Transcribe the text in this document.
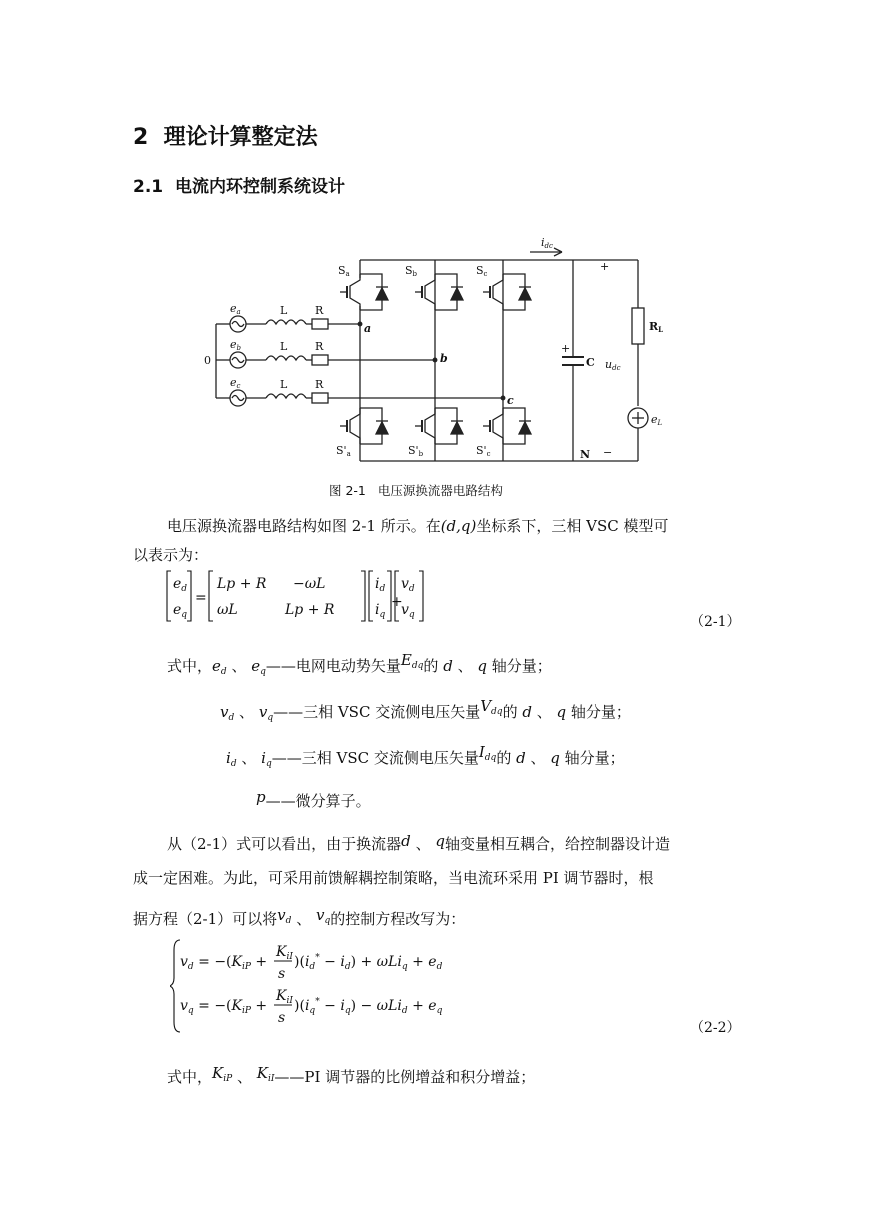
2 理论计算整定法
2.1 电流内环控制系统设计
idc
+
−
Sa	Sb	Sc
S'a	S'b	S'c
ea
eb
ec
L
L
L
R
R
R
0
a
b
c
C
+
udc
RL
eL
N
图 2-1 电压源换流器电路结构
电压源换流器电路结构如图 2-1 所示。在(d,q)坐标系下，三相 VSC 模型可
以表示为：
$e_d$
$e_q$
=
Lp + R −ωL
ωL	Lp + R
$i_d$
$i_q$
$v_d$
$v_q$
+
（2-1）
式中，$e_d$ 、 $e_q——$电网电动势矢量$E_{dq}$的 d 、 q 轴分量；
$v_d$ 、 $v_q——$三相 VSC 交流侧电压矢量$V_{dq}$的 d 、 q 轴分量；
$i_d$ 、 $i_q——$三相 VSC 交流侧电压矢量$I_{dq}$的 d 、 q 轴分量；
p——微分算子。
从（2-1）式可以看出，由于换流器d 、 q轴变量相互耦合，给控制器设计造
成一定困难。为此，可采用前馈解耦控制策略，当电流环采用 PI 调节器时，根
据方程（2-1）可以将$v_d$ 、 $v_q$的控制方程改写为：
$v_d = -(K_{iP}$ +
$K_{iI}$
s
)$(i_d^* - i_d) + \omega Li_q + e_d$
$v_q = -(K_{iP}$ +
$K_{iI}$
s
)$(i_q^* - i_q) - \omega Li_d + e_q$
（2-2）
式中，$K_{iP}$ 、 $K_{iI}——PI$ 调节器的比例增益和积分增益；
